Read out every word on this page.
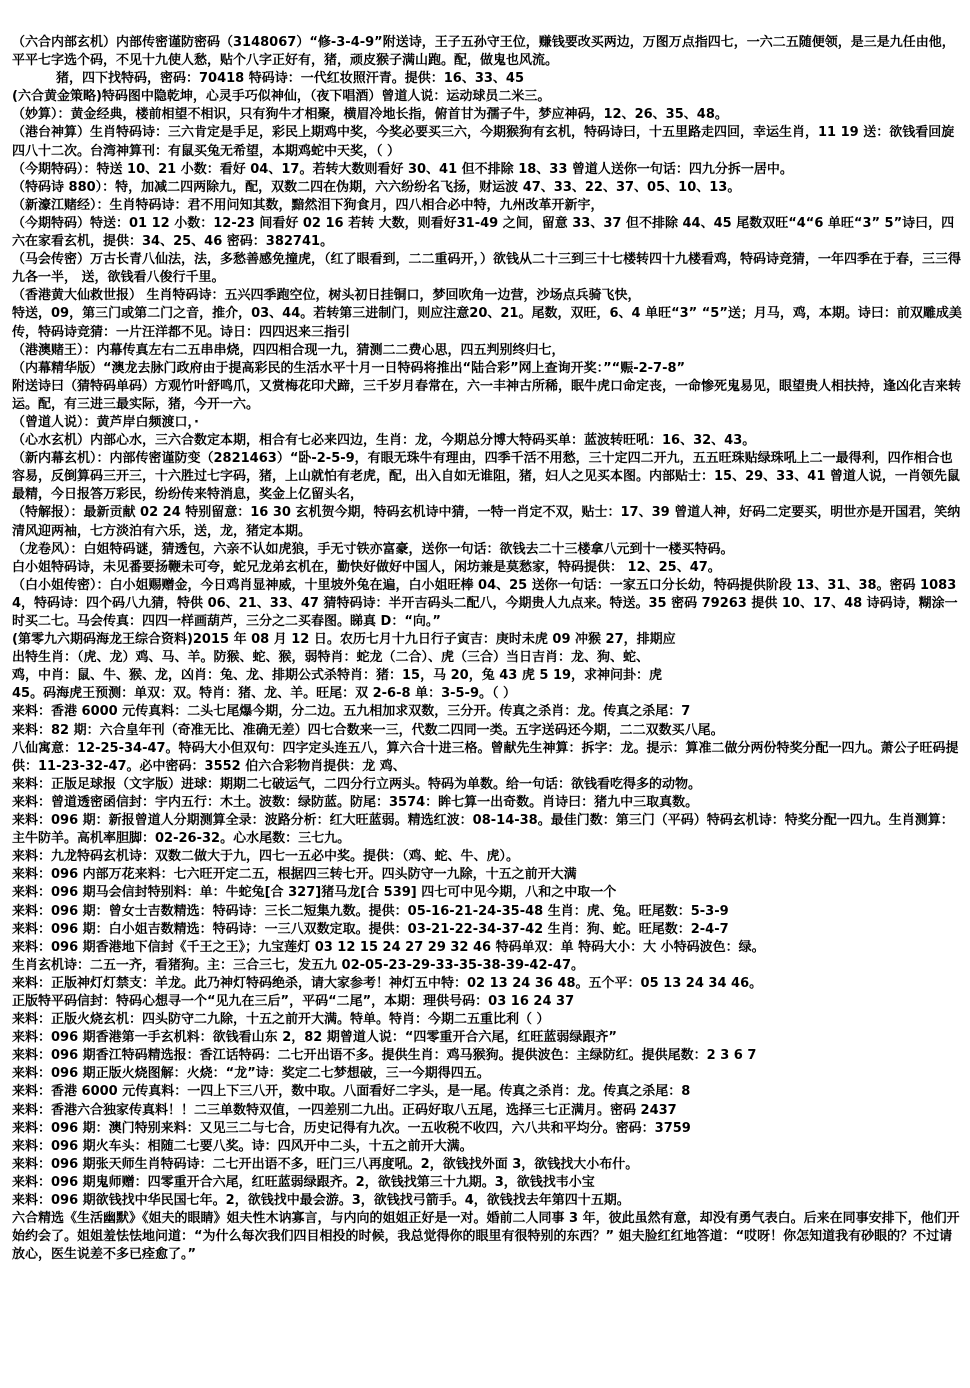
（六合内部玄机）内部传密谨防密码（3148067）“修-3-4-9”附送诗，王子五孙守王位，赚钱要改买两边，万图万点指四七，一六二五随便领，是三是九任由他，平平七字选个码，不见十九使人愁，贴个八字正好有，猪，顽皮猴子满山跑。配，做鬼也风流。

猪，四下找特码，密码：70418 特码诗：一代红妆照汗青。提供：16、33、45

(六合黄金策略)特码图中隐乾坤，心灵手巧似神仙，（夜下唱酒）曾道人说：运动球员二米三。

（妙算）：黄金经典，楼前相望不相识，只有狗牛才相聚，横眉冷地长指，俯首甘为孺子牛，梦应神码，12、26、35、48。

（港台神算）生肖特码诗：三六肯定是手足，彩民上期鸡中奖，今奖必要买三六，今期猴狗有玄机，特码诗曰，十五里路走四回，幸运生肖，11 19 送：欲钱看回旋四八十二次。台湾神算刊：有鼠买兔无希望，本期鸡蛇中天奖，（ ）

（今期特码）：特送 10、21 小数：看好 04、17。若转大数则看好 30、41 但不排除 18、33 曾道人送你一句话：四九分拆一居中。

（特码诗 880）：特，加减二四两除九，配，双数二四在伪期，六六纷纷名飞扬，财运波 47、33、22、37、05、10、13。

（新濠江赌经）：生肖特码诗：君不用问知其数，黯然泪下狗食月，四八相合必中特，九州改革开新宇，

（今期特码）特送：01 12 小数：12-23 间看好 02 16 若转 大数，则看好31-49 之间，留意 33、37 但不排除 44、45 尾数双旺“4“6 单旺“3” 5”诗曰，四六在家看玄机，提供：34、25、46 密码：382741。

（马会传密）万古长青八仙法，法，多愁善感免撞虎，（红了眼看到，二二重码开，）欲钱从二十三到三十七楼转四十九楼看鸡，特码诗竞猜，一年四季在于春，三三得九各一半， 送，欲钱看八俊行千里。

（香港黄大仙救世报） 生肖特码诗：五兴四季跑空位，树头初日挂铜口，梦回吹角一边营，沙场点兵骑飞快，

特送，09，第三门或第二门之音，推介，03、44。若转第三进制门，则应注意20、21。尾数，双旺，6、4 单旺“3” “5”送；月马，鸡，本期。诗曰：前双雕成美传，特码诗竞猜：一片汪洋都不见。诗日：四四迟来三指引

（港澳赌王）：内幕传真左右二五串串烧，四四相合现一九，猜测二二费心思，四五判别终归七，

（内幕精华版）“澳龙去脉门政府由于提高彩民的生活水平十月一日特码将推出“陆合彩”网上查询开奖：”“赈-2-7-8”

附送诗曰（猜特码单码）方观竹叶舒鸣爪，又赏梅花印犬蹄，三千岁月春常在，六一丰神古所稀，眠牛虎口命定丧，一命惨死鬼易见，眼望贵人相扶持，逢凶化吉来转运。配，有三进三最实际，猪，今开一六。

（曾道人说）：黄芦岸白频渡口，·

（心水玄机）内部心水，三六合数定本期，相合有七必来四边，生肖：龙，今期总分博大特码买单：蓝波转旺吼：16、32、43。

（新内幕玄机）：内部传密谨防变（2821463）“卧-2-5-9，有眼无珠牛有理由，四季千活不用愁，三十定四二开九，五五旺珠贴绿珠吼上二一最得利，四作相合也容易，反倒算码三开三，十六胜过七字码，猪，上山就怕有老虎，配，出入自如无谁阻，猪，妇人之见买本图。内部贴士：15、29、33、41 曾道人说，一肖领先鼠最精，今日报答万彩民，纷纷传来特消息，奖金上亿留头名，

（特解报）：最新贡献 02 24 特别留意：16 30 玄机贺今期，特码玄机诗中猜，一特一肖定不双，贴士：17、39 曾道人神，好码二定要买，明世亦是开国君，笑纳清风迎两袖，七方淡泊有六乐，送，龙，猪定本期。

（龙卷风）：白姐特码谜，猜透包，六亲不认如虎狼，手无寸铁亦富豪，送你一句话：欲钱去二十三楼拿八元到十一楼买特码。

白小姐特码诗，未见番要扬鞭未可夸，蛇兄龙弟玄机在，勤快好做好中国人，闲坊兼是莫愁家，特码提供： 12、25、47。

（白小姐传密）：白小姐赐赠金，今日鸡肖显神威，十里坡外兔在遍，白小姐旺棒 04、25 送你一句话：一家五口分长幼，特码提供阶段 13、31、38。密码 10834，特码诗：四个码八九猜，特供 06、21、33、47 猜特码诗：半开吉码头二配八，今期贵人九点来。特送。35 密码 79263 提供 10、17、48 诗码诗，糊涂一时买二七。马会传真：四四一样画葫芦，三分之二买春图。睇真 D：“向。”

(第零九六期码海龙王综合资料)2015 年 08 月 12 日。农历七月十九日行子寅吉：庚时未虎 09 冲猴 27，排期应

出特生肖：（虎、龙）鸡、马、羊。防猴、蛇、猴，弱特肖：蛇龙（二合）、虎（三合）当日吉肖：龙、狗、蛇、

鸡，中肖：鼠、牛、猴、龙，凶肖：兔、龙、排期公式杀特肖：猪：15，马 20，兔 43 虎 5 19，求神问卦：虎

45。码海虎王预测：单双：双。特肖：猪、龙、羊。旺尾：双 2-6-8 单：3-5-9。（ ）

来料：香港 6000 元传真料：二头七尾爆今期，分二边。五九相加求双数，三分开。传真之杀肖：龙。传真之杀尾：7

来料：82 期：六合皇年刊（奇准无比、准确无差）四七合数来一三，代数二四同一类。五字送码还今期，二二双数买八尾。

八仙寓意：12-25-34-47。特码大小但双句：四字定头连五八，算六合十进三格。曾献先生神算：拆字：龙。提示：算准二做分两份特奖分配一四九。萧公子旺码提供：11-23-32-47。必中密码：3552 伯六合彩物肖提供：龙 鸡、

来料：正版足球报（文字版）进球：期期二七破运气，二四分行立两头。特码为单数。给一句话：欲钱看吃得多的动物。

来料：曾道透密函信封：宇内五行：木土。波数：绿防蓝。防尾：3574：眸七算一出奇数。肖诗曰：猪九中三取真数。

来料：096 期：新报曾道人分期测算全录：波路分析：红大旺蓝弱。精选红波：08-14-38。最佳门数：第三门（平码）特码玄机诗：特奖分配一四九。生肖测算：主牛防羊。高机率胆脚：02-26-32。心水尾数：三七九。

来料：九龙特码玄机诗：双数二做大于九，四七一五必中奖。提供：（鸡、蛇、牛、虎）。

来料：096 内部万花来料：七六旺开定二五，根据四三转七开。四头防守一九除，十五之前开大满

来料：096 期马会信封特别料：单：牛蛇兔[合 327]猪马龙[合 539] 四七可中见今期，八和之中取一个

来料：096 期：曾女士吉数精选：特码诗：三长二短集九数。提供：05-16-21-24-35-48 生肖：虎、兔。旺尾数：5-3-9

来料：096 期：白小姐吉数精选：特码诗：一三八双数定取。提供：03-21-22-34-37-42 生肖：狗、蛇。旺尾数：2-4-7

来料：096 期香港地下信封《千王之王》；九宝莲灯 03 12 15 24 27 29 32 46 特码单双：单 特码大小：大 小特码波色：绿。

生肖玄机诗：二五一齐，看猪狗。主：三合三七，发五九 02-05-23-29-33-35-38-39-42-47。

来料：正版神灯灯禁支：羊龙。此乃神灯特码绝杀，请大家参考！神灯五中特：02 13 24 36 48。五个平：05 13 24 34 46。

正版特平码信封：特码心想寻一个“见九在三后”，平码“二尾”，本期：理供号码：03 16 24 37

来料：正版火烧玄机：四头防守二九除，十五之前开大满。特单。特肖：今期二五重比利（ ）

来料：096 期香港第一手玄机料：欲钱看山东 2，82 期曾道人说：“四零重开合六尾，红旺蓝弱绿跟齐”

来料：096 期香江特码精选报：香江话特码：二七开出语不多。提供生肖：鸡马猴狗。提供波色：主绿防红。提供尾数：2 3 6 7

来料：096 期正版火烧图解：火烧：“龙”诗：奖定二七梦想破，三一今期得四五。

来料：香港 6000 元传真料：一四上下三八开，数中取。八面看好二字头，是一尾。传真之杀肖：龙。传真之杀尾：8

来料：香港六合独家传真料！！二三单数特双值，一四差别二九出。正码好取八五尾，选择三七正满月。密码 2437

来料：096 期：澳门特别来料：又见三二与七合，历史记得有九次。一五收税不收四，六八共和平均分。密码：3759

来料：096 期火车头：相随二七要八奖。诗：四风开中二头，十五之前开大满。

来料：096 期张天师生肖特码诗：二七开出语不多，旺门三八再度吼。2，欲钱找外面 3，欲钱找大小布什。

来料：096 期鬼师赠：四零重开合六尾，红旺蓝弱绿跟齐。2，欲钱找第三十九期。3，欲钱找韦小宝

来料：096 期欲钱找中华民国七年。2，欲钱找中最会游。3，欲钱找弓箭手。4，欲钱找去年第四十五期。

六合精选《生活幽默》《姐夫的眼睛》姐夫性木讷寡言，与内向的姐姐正好是一对。婚前二人同事 3 年，彼此虽然有意，却没有勇气表白。后来在同事安排下，他们开始约会了。姐姐羞怯怯地问道：“为什么每次我们四目相投的时候，我总觉得你的眼里有很特别的东西？” 姐夫脸红红地答道：“哎呀！你怎知道我有砂眼的？不过请放心，医生说差不多已痊愈了。”
